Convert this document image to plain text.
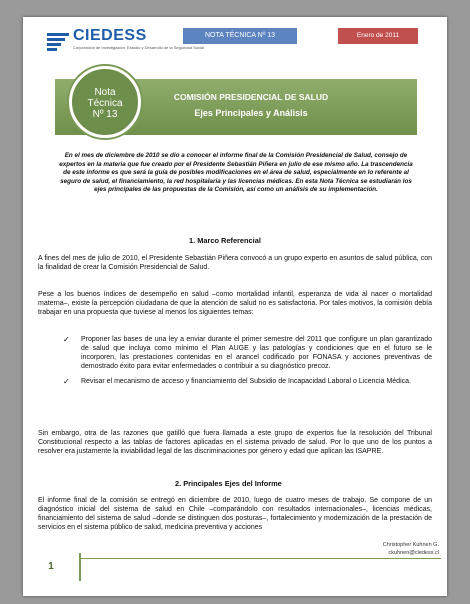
CIEDESS
Corporación de Investigación, Estudio y Desarrollo de la Seguridad Social
NOTA TÉCNICA Nº 13	Enero de 2011
COMISIÓN PRESIDENCIAL DE SALUD
Ejes Principales y Análisis
Nota
Técnica
Nº 13
En el mes de diciembre de 2010 se dio a conocer el informe final de la Comisión Presidencial de Salud, consejo de expertos en la materia que fue creado por el Presidente Sebastián Piñera en julio de ese mismo año. La trascendencia de este informe es que será la guía de posibles modificaciones en el área de salud, especialmente en lo referente al seguro de salud, el financiamiento, la red hospitalaria y las licencias médicas. En esta Nota Técnica se estudiarán los ejes principales de las propuestas de la Comisión, así como un análisis de su implementación.
1. Marco Referencial
A fines del mes de julio de 2010, el Presidente Sebastián Piñera convocó a un grupo experto en asuntos de salud pública, con la finalidad de crear la Comisión Presidencial de Salud.
Pese a los buenos índices de desempeño en salud –como mortalidad infantil, esperanza de vida al nacer o mortalidad materna–, existe la percepción ciudadana de que la atención de salud no es satisfactoria. Por tales motivos, la comisión debía trabajar en una propuesta que tuviese al menos los siguientes temas:
✓ Proponer las bases de una ley a enviar durante el primer semestre del 2011 que configure un plan garantizado de salud que incluya como mínimo el Plan AUGE y las patologías y condiciones que en el futuro se le incorporen, las prestaciones contenidas en el arancel codificado por FONASA y acciones preventivas de demostrado éxito para evitar enfermedades o contribuir a su diagnóstico precoz.
✓ Revisar el mecanismo de acceso y financiamiento del Subsidio de Incapacidad Laboral o Licencia Médica.
Sin embargo, otra de las razones que gatilló que fuera llamada a este grupo de expertos fue la resolución del Tribunal Constitucional respecto a las tablas de factores aplicadas en el sistema privado de salud. Por lo que uno de los puntos a resolver era justamente la inviabilidad legal de las discriminaciones por género y edad que aplican las ISAPRE.
2. Principales Ejes del Informe
El informe final de la comisión se entregó en diciembre de 2010, luego de cuatro meses de trabajo. Se compone de un diagnóstico inicial del sistema de salud en Chile –comparándolo con resultados internacionales–, licencias médicas, financiamiento del sistema de salud –donde se distinguen dos posturas–, fortalecimiento y modernización de la prestación de servicios en el sistema público de salud, medicina preventiva y acciones
1
Christopher Kuhnen G.
ckuhnen@ciedess.cl
